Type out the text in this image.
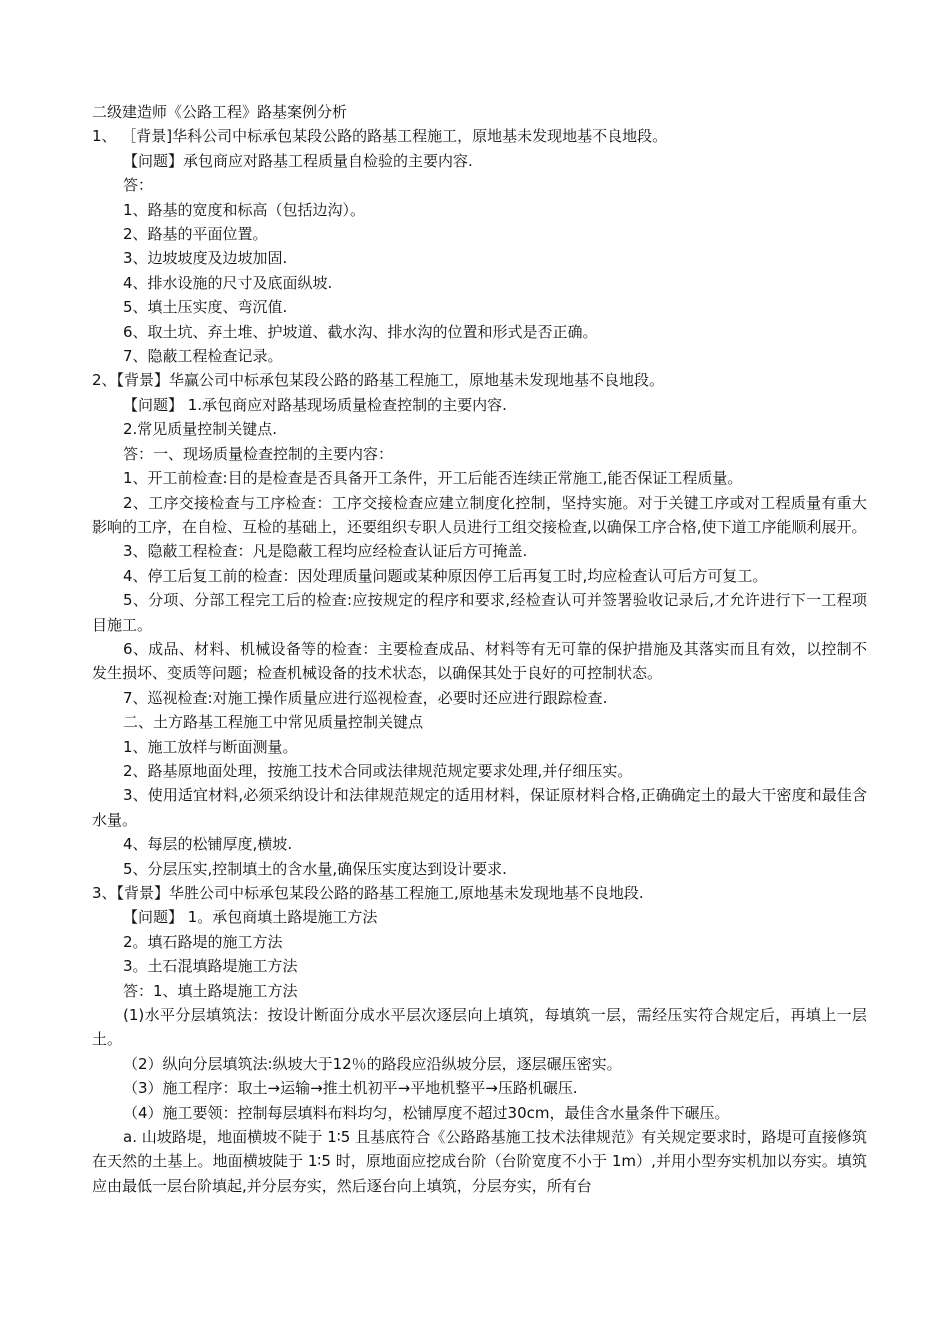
二级建造师《公路工程》路基案例分析

1、 ［背景]华科公司中标承包某段公路的路基工程施工，原地基未发现地基不良地段。

【问题】承包商应对路基工程质量自检验的主要内容.

答：

1、路基的宽度和标高（包括边沟）。

2、路基的平面位置。

3、边坡坡度及边坡加固.

4、排水设施的尺寸及底面纵坡.

5、填土压实度、弯沉值.

6、取土坑、弃土堆、护坡道、截水沟、排水沟的位置和形式是否正确。

7、隐蔽工程检查记录。

2、【背景】华赢公司中标承包某段公路的路基工程施工，原地基未发现地基不良地段。

【问题】 1.承包商应对路基现场质量检查控制的主要内容.

2.常见质量控制关键点.

答：一、现场质量检查控制的主要内容：

1、开工前检查:目的是检查是否具备开工条件，开工后能否连续正常施工,能否保证工程质量。

2、工序交接检查与工序检查：工序交接检查应建立制度化控制，坚持实施。对于关键工序或对工程质量有重大影响的工序，在自检、互检的基础上，还要组织专职人员进行工组交接检查,以确保工序合格,使下道工序能顺利展开。

3、隐蔽工程检查：凡是隐蔽工程均应经检查认证后方可掩盖.

4、停工后复工前的检查：因处理质量问题或某种原因停工后再复工时,均应检查认可后方可复工。

5、分项、分部工程完工后的检查:应按规定的程序和要求,经检查认可并签署验收记录后,才允许进行下一工程项目施工。

6、成品、材料、机械设备等的检查：主要检查成品、材料等有无可靠的保护措施及其落实而且有效，以控制不发生损坏、变质等问题；检查机械设备的技术状态，以确保其处于良好的可控制状态。

7、巡视检查:对施工操作质量应进行巡视检查，必要时还应进行跟踪检查.

二、土方路基工程施工中常见质量控制关键点

1、施工放样与断面测量。

2、路基原地面处理，按施工技术合同或法律规范规定要求处理,并仔细压实。

3、使用适宜材料,必须采纳设计和法律规范规定的适用材料，保证原材料合格,正确确定土的最大干密度和最佳含水量。

4、每层的松铺厚度,横坡.

5、分层压实,控制填土的含水量,确保压实度达到设计要求.

3、【背景】华胜公司中标承包某段公路的路基工程施工,原地基未发现地基不良地段.

【问题】 1。承包商填土路堤施工方法

2。填石路堤的施工方法

3。土石混填路堤施工方法

答：1、填土路堤施工方法

(1)水平分层填筑法：按设计断面分成水平层次逐层向上填筑，每填筑一层，需经压实符合规定后，再填上一层土。

（2）纵向分层填筑法:纵坡大于12％的路段应沿纵坡分层，逐层碾压密实。

（3）施工程序：取土→运输→推土机初平→平地机整平→压路机碾压.

（4）施工要领：控制每层填料布料均匀，松铺厚度不超过30cm，最佳含水量条件下碾压。

a. 山坡路堤，地面横坡不陡于 1∶5 且基底符合《公路路基施工技术法律规范》有关规定要求时，路堤可直接修筑在天然的土基上。地面横坡陡于 1∶5 时，原地面应挖成台阶（台阶宽度不小于 1m）,并用小型夯实机加以夯实。填筑应由最低一层台阶填起,并分层夯实，然后逐台向上填筑，分层夯实，所有台
